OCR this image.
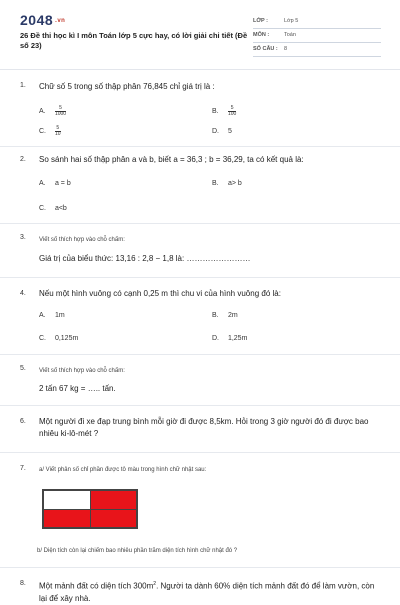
2048 .vn
26 Đề thi học kì I môn Toán lớp 5 cực hay, có lời giải chi tiết (Đề số 23)
LỚP :	Lớp 5
MÔN :	Toán
SỐ CÂU : 8
1. Chữ số 5 trong số thập phân 76,845 chỉ giá trị là :
A. $\frac{5}{1000}$	B. $\frac{5}{100}$
C. $\frac{5}{10}$	D. 5
2. So sánh hai số thập phân a và b, biết a = 36,3 ; b = 36,29, ta có kết quả là:
A. a = b	B. a> b
C. a<b
3. Viết số thích hợp vào chỗ chấm:
Giá trị của biểu thức: 13,16 : 2,8 − 1,8 là: ……………………
4. Nếu một hình vuông có cạnh 0,25 m thì chu vi của hình vuông đó là:
A. 1m	B. 2m
C. 0,125m	D. 1,25m
5. Viết số thích hợp vào chỗ chấm:
2 tấn 67 kg = ….. tấn.
6. Một người đi xe đạp trung bình mỗi giờ đi được 8,5km. Hỏi trong 3 giờ người đó đi được bao nhiêu ki-lô-mét ?
7. a/ Viết phân số chỉ phần được tô màu trong hình chữ nhật sau:
b/ Diện tích còn lại chiếm bao nhiêu phần trăm diện tích hình chữ nhật đó ?
8. Một mảnh đất có diện tích $300m^2$. Người ta dành 60% diện tích mảnh đất đó để làm vườn, còn lại để xây nhà.
